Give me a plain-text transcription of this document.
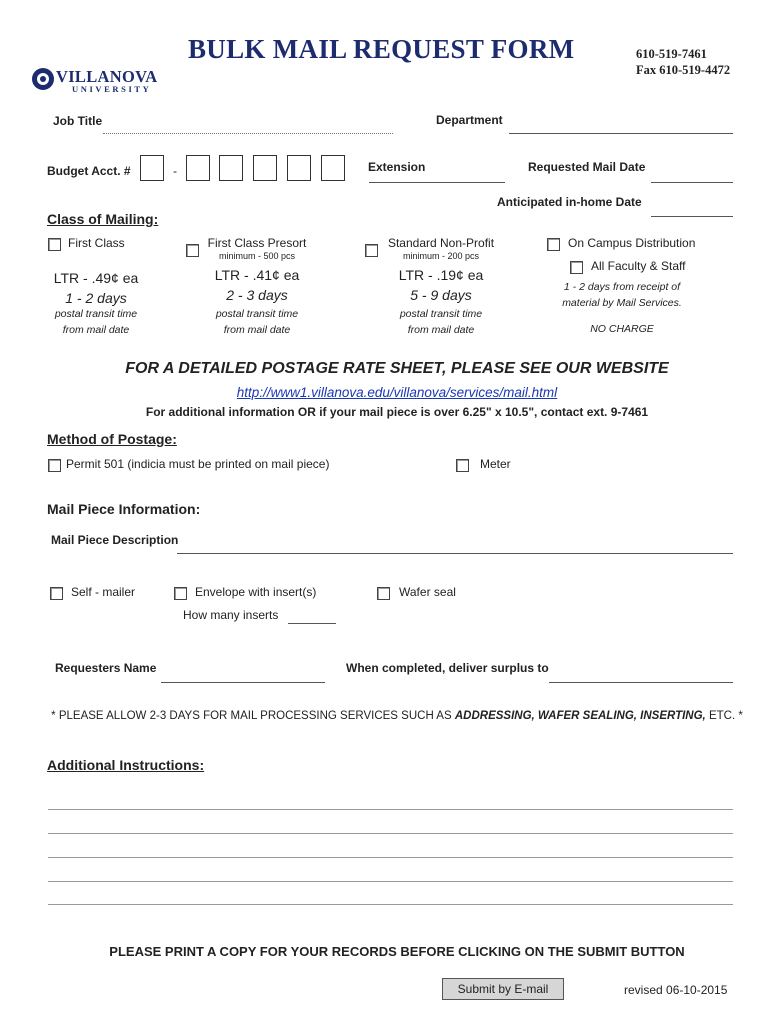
BULK MAIL REQUEST FORM	610-519-7461
Fax 610-519-4472
VILLANOVA
UNIVERSITY
Job Title	Department
Budget Acct. #	-	Extension	Requested Mail Date
Anticipated in-home Date
Class of Mailing:
First Class
LTR - .49¢ ea
1 - 2 days
postal transit time
from mail date
First Class Presort
minimum - 500 pcs
LTR - .41¢ ea
2 - 3 days
postal transit time
from mail date
Standard Non-Profit
minimum - 200 pcs
LTR - .19¢ ea
5 - 9 days
postal transit time
from mail date
On Campus Distribution
All Faculty & Staff
1 - 2 days from receipt of
material by Mail Services.
NO CHARGE
FOR A DETAILED POSTAGE RATE SHEET, PLEASE SEE OUR WEBSITE
http://www1.villanova.edu/villanova/services/mail.html
For additional information OR if your mail piece is over 6.25" x 10.5", contact ext. 9-7461
Method of Postage:
Permit 501 (indicia must be printed on mail piece)	Meter
Mail Piece Information:
Mail Piece Description
Self - mailer	Envelope with insert(s)
How many inserts
Wafer seal
Requesters Name	When completed, deliver surplus to
* PLEASE ALLOW 2-3 DAYS FOR MAIL PROCESSING SERVICES SUCH AS ADDRESSING, WAFER SEALING, INSERTING, ETC. *
Additional Instructions:
PLEASE PRINT A COPY FOR YOUR RECORDS BEFORE CLICKING ON THE SUBMIT BUTTON
Submit by E-mail	revised 06-10-2015
